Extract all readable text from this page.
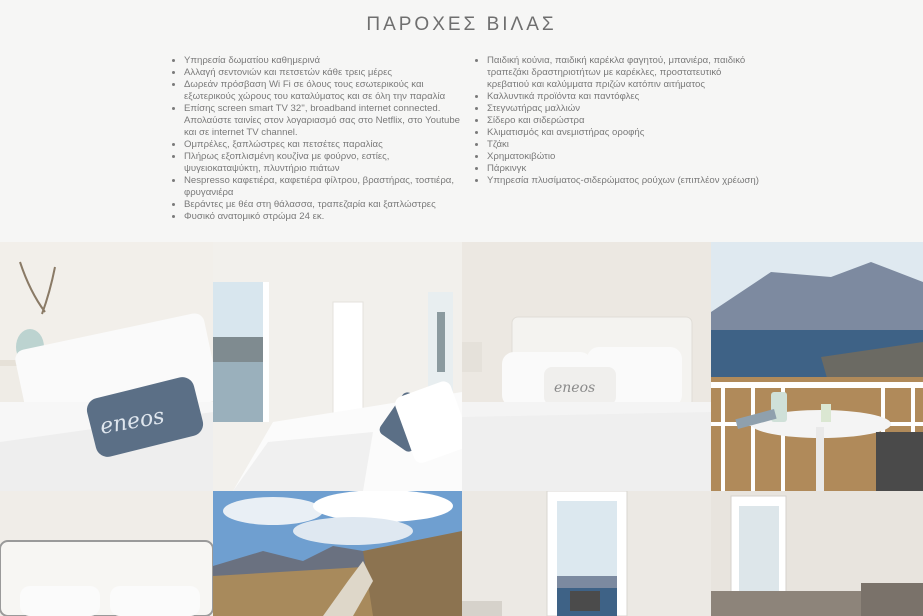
ΠΑΡΟΧΕΣ ΒΙΛΑΣ
• Υπηρεσία δωματίου καθημερινά
• Αλλαγή σεντονιών και πετσετών κάθε τρεις μέρες
• Δωρεάν πρόσβαση Wi Fi σε όλους τους εσωτερικούς και εξωτερικούς χώρους του καταλύματος και σε όλη την παραλία
• Επίσης screen smart TV 32'', broadband internet connected. Απολαύστε ταινίες στον λογαριασμό σας στο Netflix, στο Youtube και σε internet TV channel.
• Ομπρέλες, ξαπλώστρες και πετσέτες παραλίας
• Πλήρως εξοπλισμένη κουζίνα με φούρνο, εστίες, ψυγειοκαταψύκτη, πλυντήριο πιάτων
• Nespresso καφετιέρα, καφετιέρα φίλτρου, βραστήρας, τοστιέρα, φρυγανιέρα
• Βεράντες με θέα στη θάλασσα, τραπεζαρία και ξαπλώστρες
• Φυσικό ανατομικό στρώμα 24 εκ.
• Παιδική κούνια, παιδική καρέκλα φαγητού, μπανιέρα, παιδικό τραπεζάκι δραστηριοτήτων με καρέκλες, προστατευτικό κρεβατιού και καλύμματα πριζών κατόπιν αιτήματος
• Καλλυντικά προϊόντα και παντόφλες
• Στεγνωτήρας μαλλιών
• Σίδερο και σιδερώστρα
• Κλιματισμός και ανεμιστήρας οροφής
• Τζάκι
• Χρηματοκιβώτιο
• Πάρκινγκ
• Υπηρεσία πλυσίματος-σιδερώματος ρούχων (επιπλέον χρέωση)
eneos
eneos
